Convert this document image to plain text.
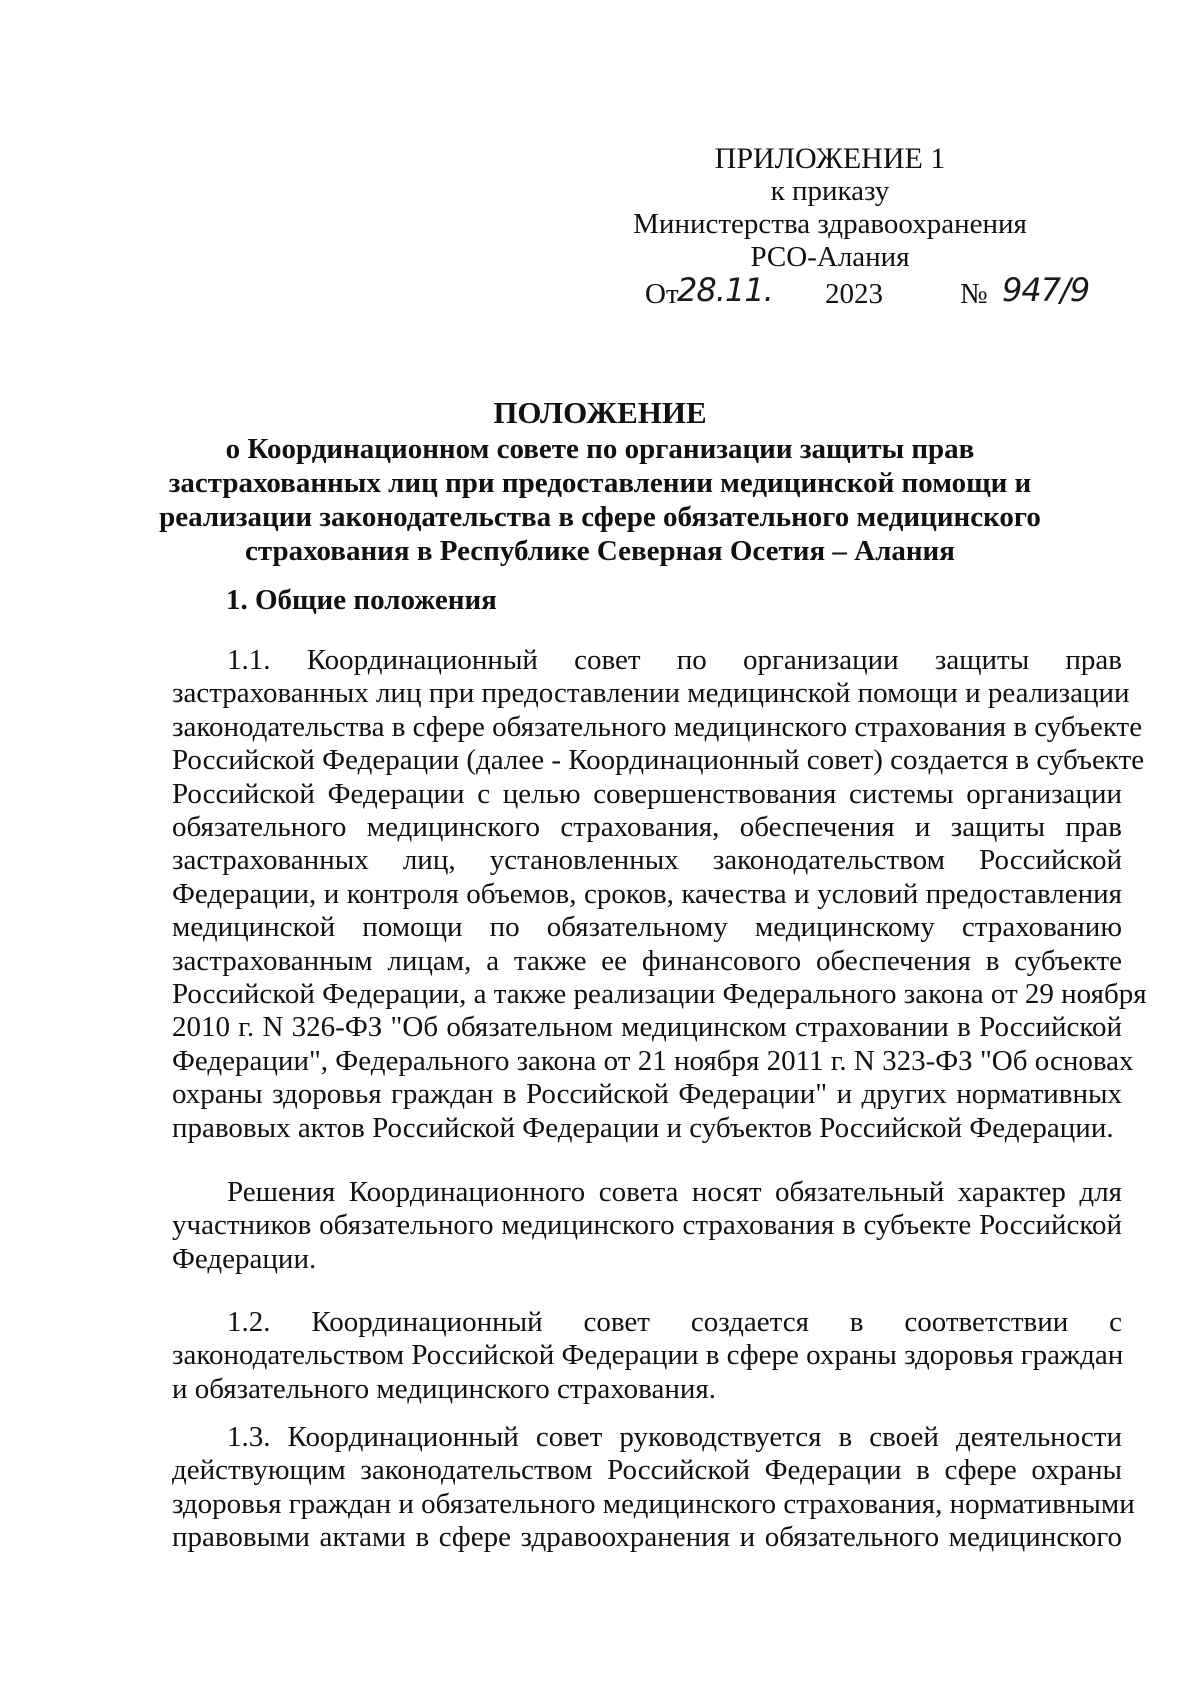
ПРИЛОЖЕНИЕ 1
к приказу
Министерства здравоохранения
РСО-Алания
От
28.11. 2023	№ 947/9
ПОЛОЖЕНИЕ
о Координационном совете по организации защиты прав
застрахованных лиц при предоставлении медицинской помощи и
реализации законодательства в сфере обязательного медицинского
страхования в Республике Северная Осетия – Алания
1. Общие положения
1.1. Координационный совет по организации защиты прав
застрахованных лиц при предоставлении медицинской помощи и реализации
законодательства в сфере обязательного медицинского страхования в субъекте
Российской Федерации (далее - Координационный совет) создается в субъекте
Российской Федерации с целью совершенствования системы организации
обязательного медицинского страхования, обеспечения и защиты прав
застрахованных лиц, установленных законодательством Российской
Федерации, и контроля объемов, сроков, качества и условий предоставления
медицинской помощи по обязательному медицинскому страхованию
застрахованным лицам, а также ее финансового обеспечения в субъекте
Российской Федерации, а также реализации Федерального закона от 29 ноября
2010 г. N 326-ФЗ "Об обязательном медицинском страховании в Российской
Федерации", Федерального закона от 21 ноября 2011 г. N 323-ФЗ "Об основах
охраны здоровья граждан в Российской Федерации" и других нормативных
правовых актов Российской Федерации и субъектов Российской Федерации.
Решения Координационного совета носят обязательный характер для
участников обязательного медицинского страхования в субъекте Российской
Федерации.
1.2. Координационный совет создается в соответствии с
законодательством Российской Федерации в сфере охраны здоровья граждан
и обязательного медицинского страхования.
1.3. Координационный совет руководствуется в своей деятельности
действующим законодательством Российской Федерации в сфере охраны
здоровья граждан и обязательного медицинского страхования, нормативными
правовыми актами в сфере здравоохранения и обязательного медицинского
